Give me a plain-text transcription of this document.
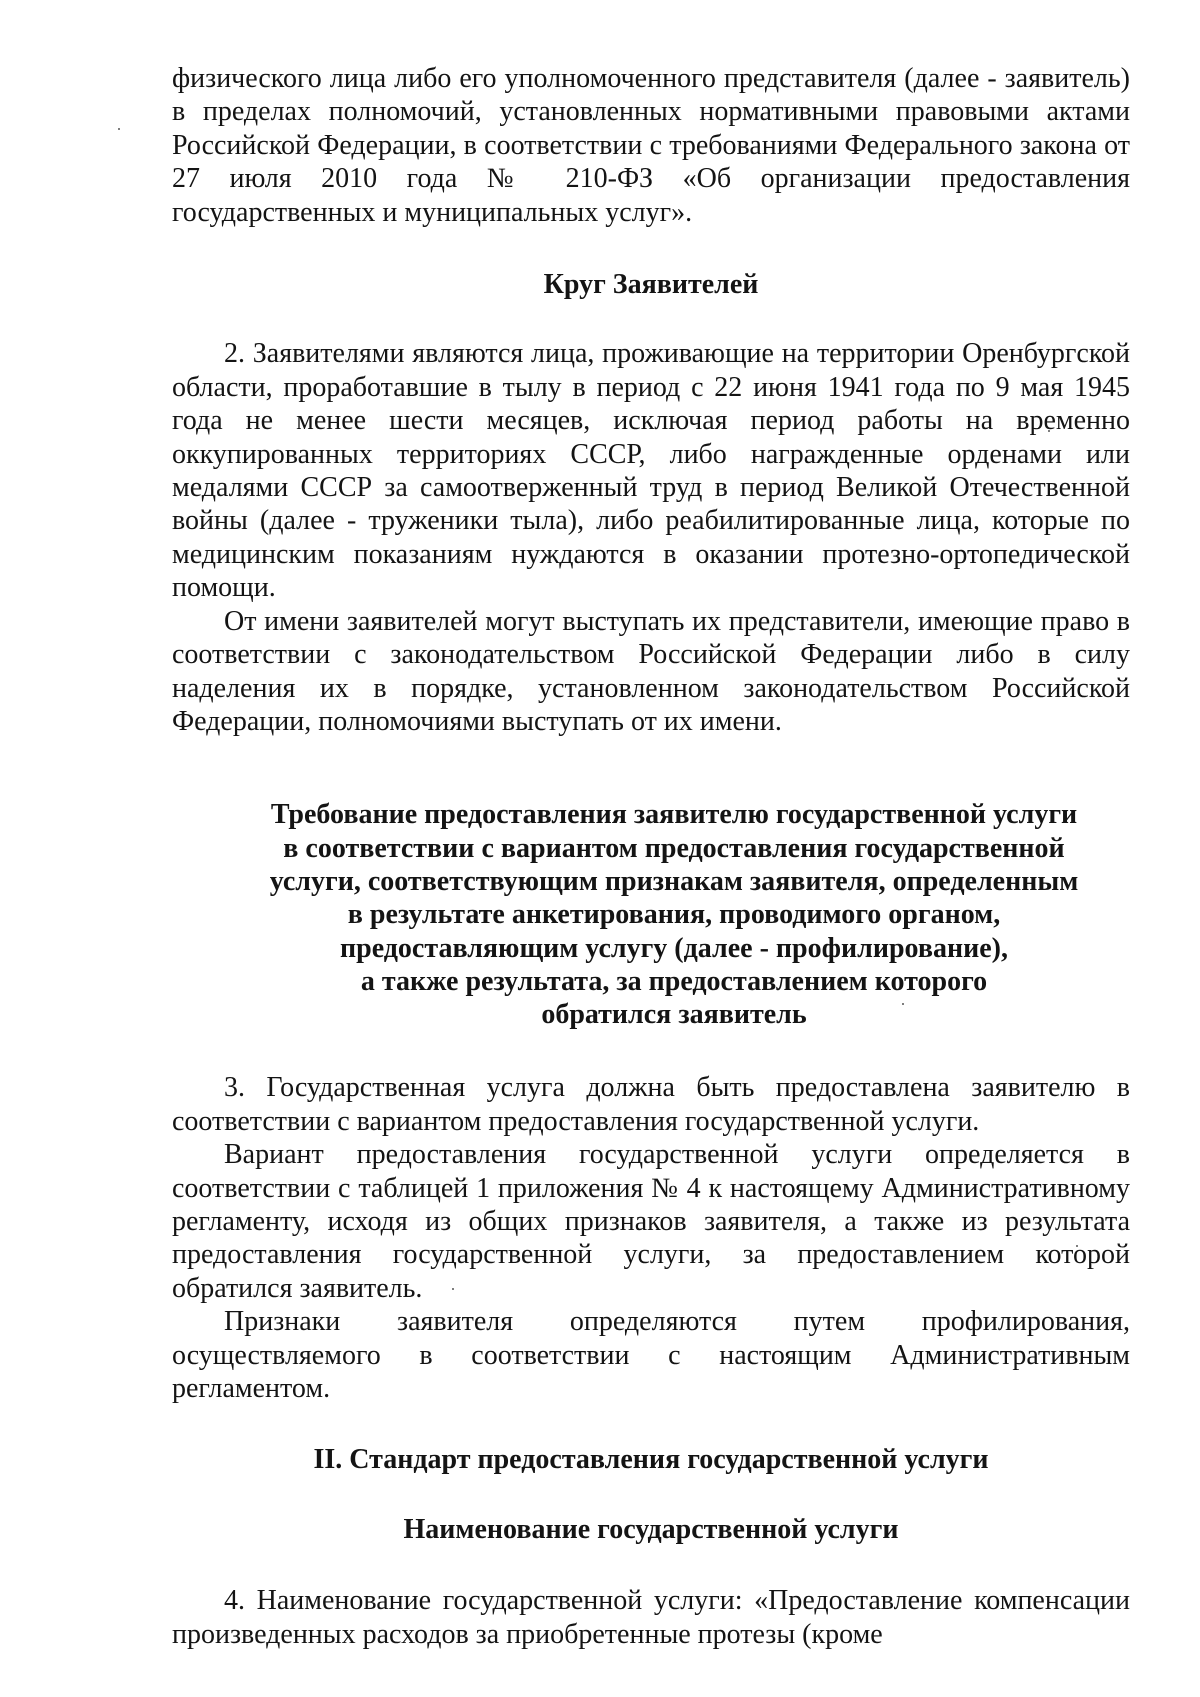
физического лица либо его уполномоченного представителя (далее - заявитель) в пределах полномочий, установленных нормативными правовыми актами Российской Федерации, в соответствии с требованиями Федерального закона от 27 июля 2010 года № 210-ФЗ «Об организации предоставления государственных и муниципальных услуг».

Круг Заявителей

2. Заявителями являются лица, проживающие на территории Оренбургской области, проработавшие в тылу в период с 22 июня 1941 года по 9 мая 1945 года не менее шести месяцев, исключая период работы на временно оккупированных территориях СССР, либо награжденные орденами или медалями СССР за самоотверженный труд в период Великой Отечественной войны (далее - труженики тыла), либо реабилитированные лица, которые по медицинским показаниям нуждаются в оказании протезно-ортопедической помощи.

От имени заявителей могут выступать их представители, имеющие право в соответствии с законодательством Российской Федерации либо в силу наделения их в порядке, установленном законодательством Российской Федерации, полномочиями выступать от их имени.

Требование предоставления заявителю государственной услуги
в соответствии с вариантом предоставления государственной
услуги, соответствующим признакам заявителя, определенным
в результате анкетирования, проводимого органом,
предоставляющим услугу (далее - профилирование),
а также результата, за предоставлением которого
обратился заявитель

3. Государственная услуга должна быть предоставлена заявителю в соответствии с вариантом предоставления государственной услуги.

Вариант предоставления государственной услуги определяется в соответствии с таблицей 1 приложения № 4 к настоящему Административному регламенту, исходя из общих признаков заявителя, а также из результата предоставления государственной услуги, за предоставлением которой обратился заявитель.

Признаки заявителя определяются путем профилирования, осуществляемого в соответствии с настоящим Административным регламентом.

II. Стандарт предоставления государственной услуги
Наименование государственной услуги

4. Наименование государственной услуги: «Предоставление компенсации произведенных расходов за приобретенные протезы (кроме
